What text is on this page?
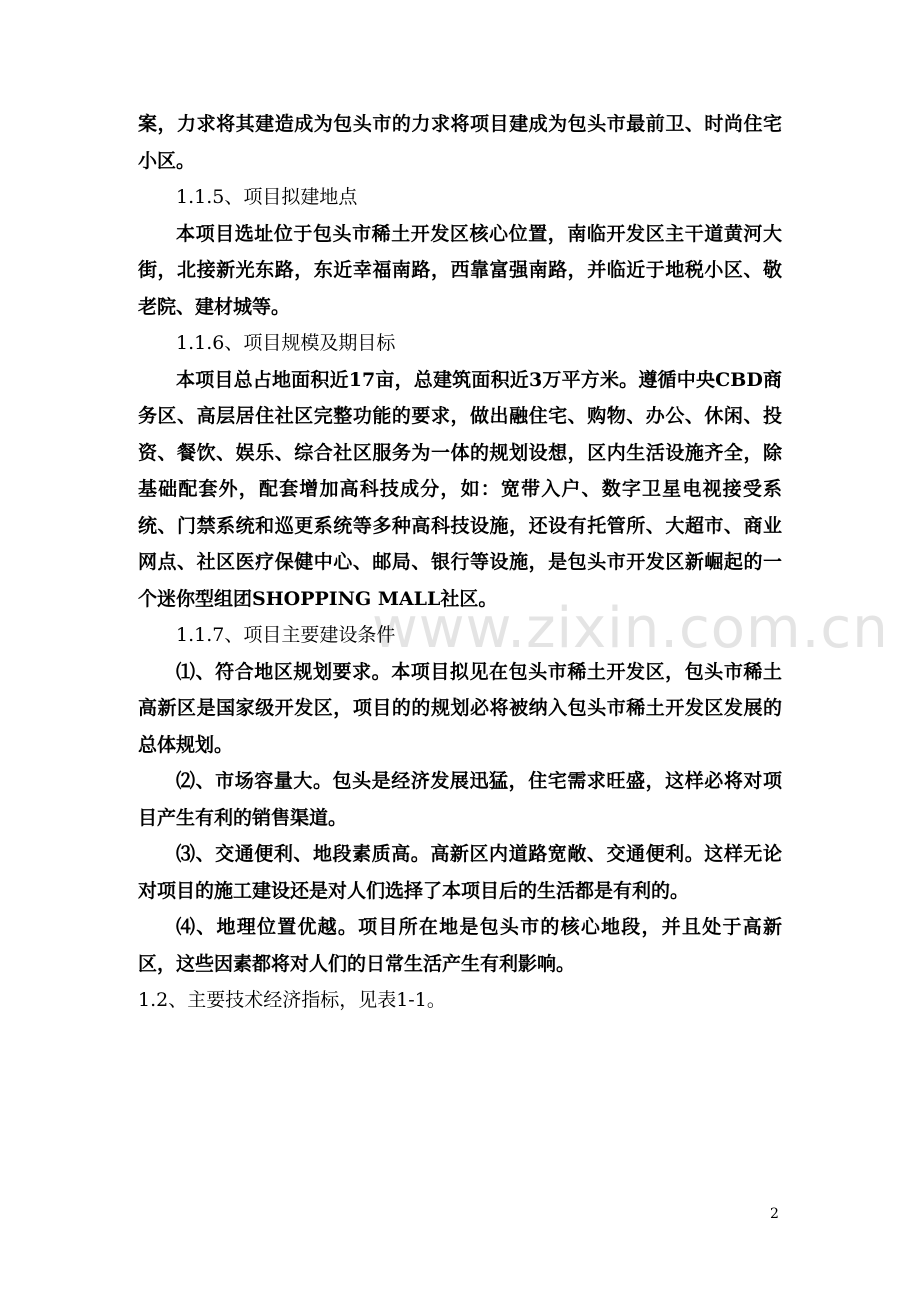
www.zixin.com.cn

案，力求将其建造成为包头市的力求将项目建成为包头市最前卫、时尚住宅小区。

1.1.5、项目拟建地点

本项目选址位于包头市稀土开发区核心位置，南临开发区主干道黄河大街，北接新光东路，东近幸福南路，西靠富强南路，并临近于地税小区、敬老院、建材城等。

1.1.6、项目规模及期目标

本项目总占地面积近17亩，总建筑面积近3万平方米。遵循中央CBD商务区、高层居住社区完整功能的要求，做出融住宅、购物、办公、休闲、投资、餐饮、娱乐、综合社区服务为一体的规划设想，区内生活设施齐全，除基础配套外，配套增加高科技成分，如：宽带入户、数字卫星电视接受系统、门禁系统和巡更系统等多种高科技设施，还设有托管所、大超市、商业网点、社区医疗保健中心、邮局、银行等设施，是包头市开发区新崛起的一个迷你型组团SHOPPING MALL社区。

1.1.7、项目主要建设条件

⑴、符合地区规划要求。本项目拟见在包头市稀土开发区，包头市稀土高新区是国家级开发区，项目的的规划必将被纳入包头市稀土开发区发展的总体规划。

⑵、市场容量大。包头是经济发展迅猛，住宅需求旺盛，这样必将对项目产生有利的销售渠道。

⑶、交通便利、地段素质高。高新区内道路宽敞、交通便利。这样无论对项目的施工建设还是对人们选择了本项目后的生活都是有利的。

⑷、地理位置优越。项目所在地是包头市的核心地段，并且处于高新区，这些因素都将对人们的日常生活产生有利影响。

1.2、主要技术经济指标，见表1-1。

2
